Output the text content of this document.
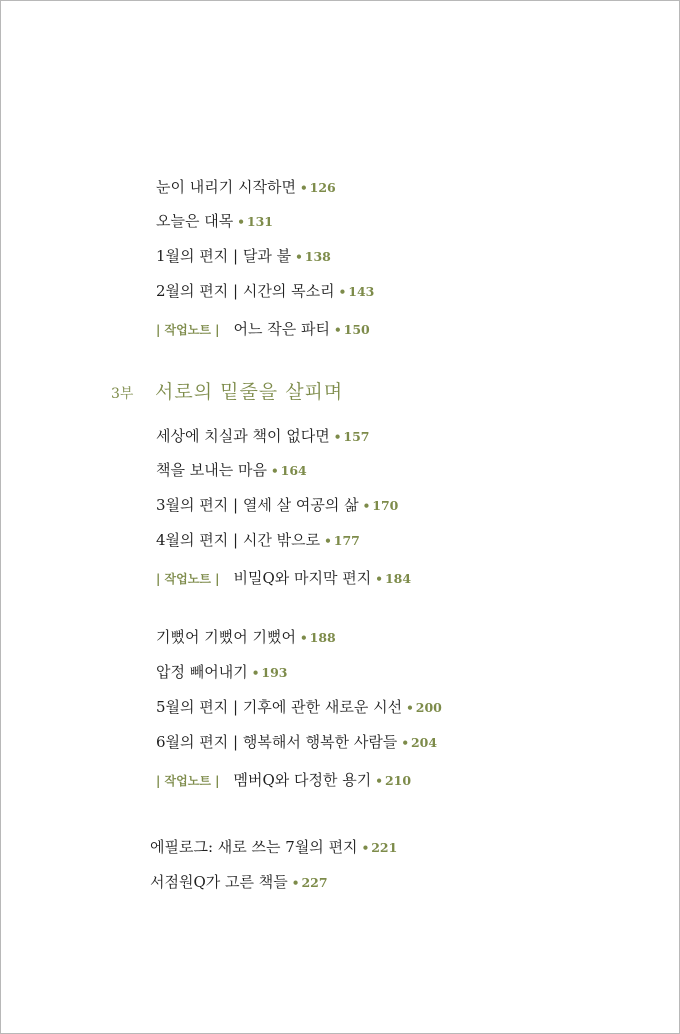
눈이 내리기 시작하면 • 126
오늘은 대목 • 131
1월의 편지 | 달과 불 • 138
2월의 편지 | 시간의 목소리 • 143
| 작업노트 | 어느 작은 파티 • 150
3부 서로의 밑줄을 살피며
세상에 치실과 책이 없다면 • 157
책을 보내는 마음 • 164
3월의 편지 | 열세 살 여공의 삶 • 170
4월의 편지 | 시간 밖으로 • 177
| 작업노트 | 비밀Q와 마지막 편지 • 184
기뻤어 기뻤어 기뻤어 • 188
압정 빼어내기 • 193
5월의 편지 | 기후에 관한 새로운 시선 • 200
6월의 편지 | 행복해서 행복한 사람들 • 204
| 작업노트 | 멤버Q와 다정한 용기 • 210
에필로그: 새로 쓰는 7월의 편지 • 221
서점원Q가 고른 책들 • 227
